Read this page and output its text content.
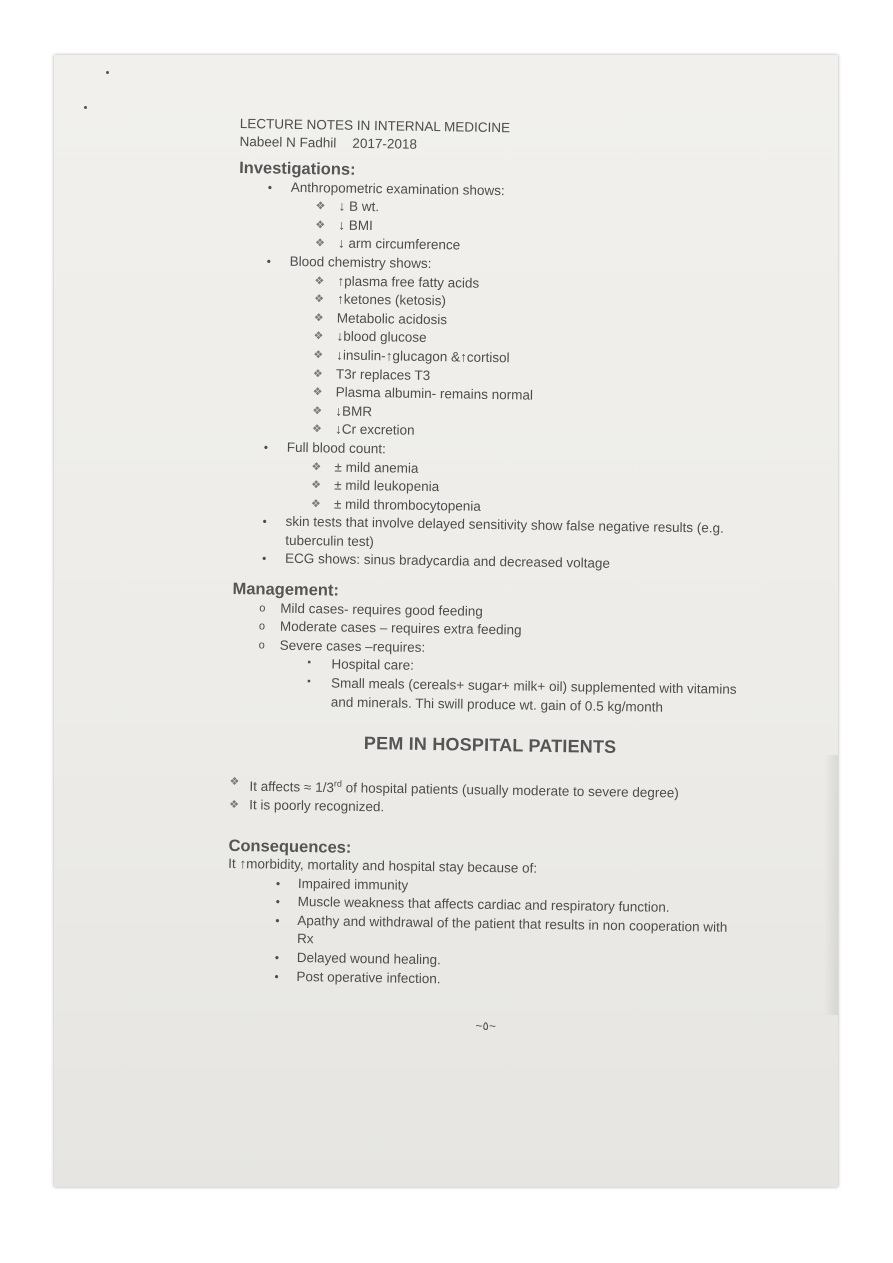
LECTURE NOTES IN INTERNAL MEDICINE
Nabeel N Fadhil 2017-2018
Investigations:
• Anthropometric examination shows:
❖ ↓ B wt.
❖ ↓ BMI
❖ ↓ arm circumference
• Blood chemistry shows:
❖ ↑plasma free fatty acids
❖ ↑ketones (ketosis)
❖ Metabolic acidosis
❖ ↓blood glucose
❖ ↓insulin-↑glucagon &↑cortisol
❖ T3r replaces T3
❖ Plasma albumin- remains normal
❖ ↓BMR
❖ ↓Cr excretion
• Full blood count:
❖ ± mild anemia
❖ ± mild leukopenia
❖ ± mild thrombocytopenia
• skin tests that involve delayed sensitivity show false negative results (e.g. tuberculin test)
• ECG shows: sinus bradycardia and decreased voltage
Management:
o Mild cases- requires good feeding
o Moderate cases – requires extra feeding
o Severe cases –requires:
▪ Hospital care:
▪ Small meals (cereals+ sugar+ milk+ oil) supplemented with vitamins and minerals. Thi swill produce wt. gain of 0.5 kg/month
PEM IN HOSPITAL PATIENTS
❖ It affects ≈ 1/3rd of hospital patients (usually moderate to severe degree)
❖ It is poorly recognized.
Consequences:
It ↑morbidity, mortality and hospital stay because of:
• Impaired immunity
• Muscle weakness that affects cardiac and respiratory function.
• Apathy and withdrawal of the patient that results in non cooperation with Rx
• Delayed wound healing.
• Post operative infection.
~٥~
